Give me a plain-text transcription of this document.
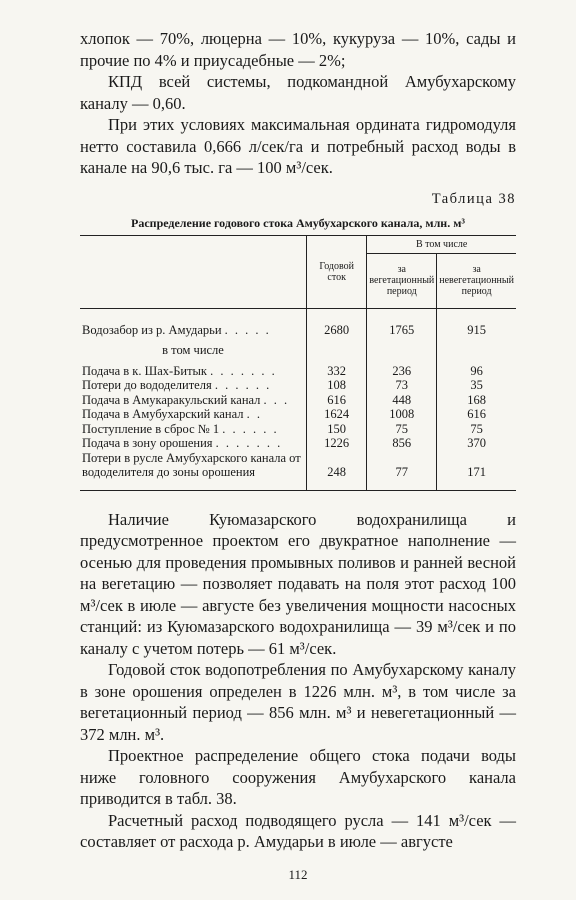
хлопок — 70%, люцерна — 10%, кукуруза — 10%, сады и прочие по 4% и приусадебные — 2%;

КПД всей системы, подкомандной Амубухарскому каналу — 0,60.

При этих условиях максимальная ордината гидромодуля нетто составила 0,666 л/сек/га и потребный расход воды в канале на 90,6 тыс. га — 100 м³/сек.

Таблица 38
Распределение годового стока Амубухарского канала, млн. м³
	Годовой сток	В том числе	
		за вегетационный период	за невегетационный период
Водозабор из р. Амударьи . . . . .	2680	1765	915
в том числе			
Подача в к. Шах-Битык . . . . . . .	332	236	96
Потери до вододелителя . . . . . .	108	73	35
Подача в Амукаракульский канал . . .	616	448	168
Подача в Амубухарский канал . .	1624	1008	616
Поступление в сброс № 1 . . . . . .	150	75	75
Подача в зону орошения . . . . . . .	1226	856	370
Потери в русле Амубухарского канала от вододелителя до зоны орошения	248	77	171

Наличие Куюмазарского водохранилища и предусмотренное проектом его двукратное наполнение — осенью для проведения промывных поливов и ранней весной на вегетацию — позволяет подавать на поля этот расход 100 м³/сек в июле — августе без увеличения мощности насосных станций: из Куюмазарского водохранилища — 39 м³/сек и по каналу с учетом потерь — 61 м³/сек.

Годовой сток водопотребления по Амубухарскому каналу в зоне орошения определен в 1226 млн. м³, в том числе за вегетационный период — 856 млн. м³ и невегетационный — 372 млн. м³.

Проектное распределение общего стока подачи воды ниже головного сооружения Амубухарского канала приводится в табл. 38.

Расчетный расход подводящего русла — 141 м³/сек — составляет от расхода р. Амударьи в июле — августе

112
